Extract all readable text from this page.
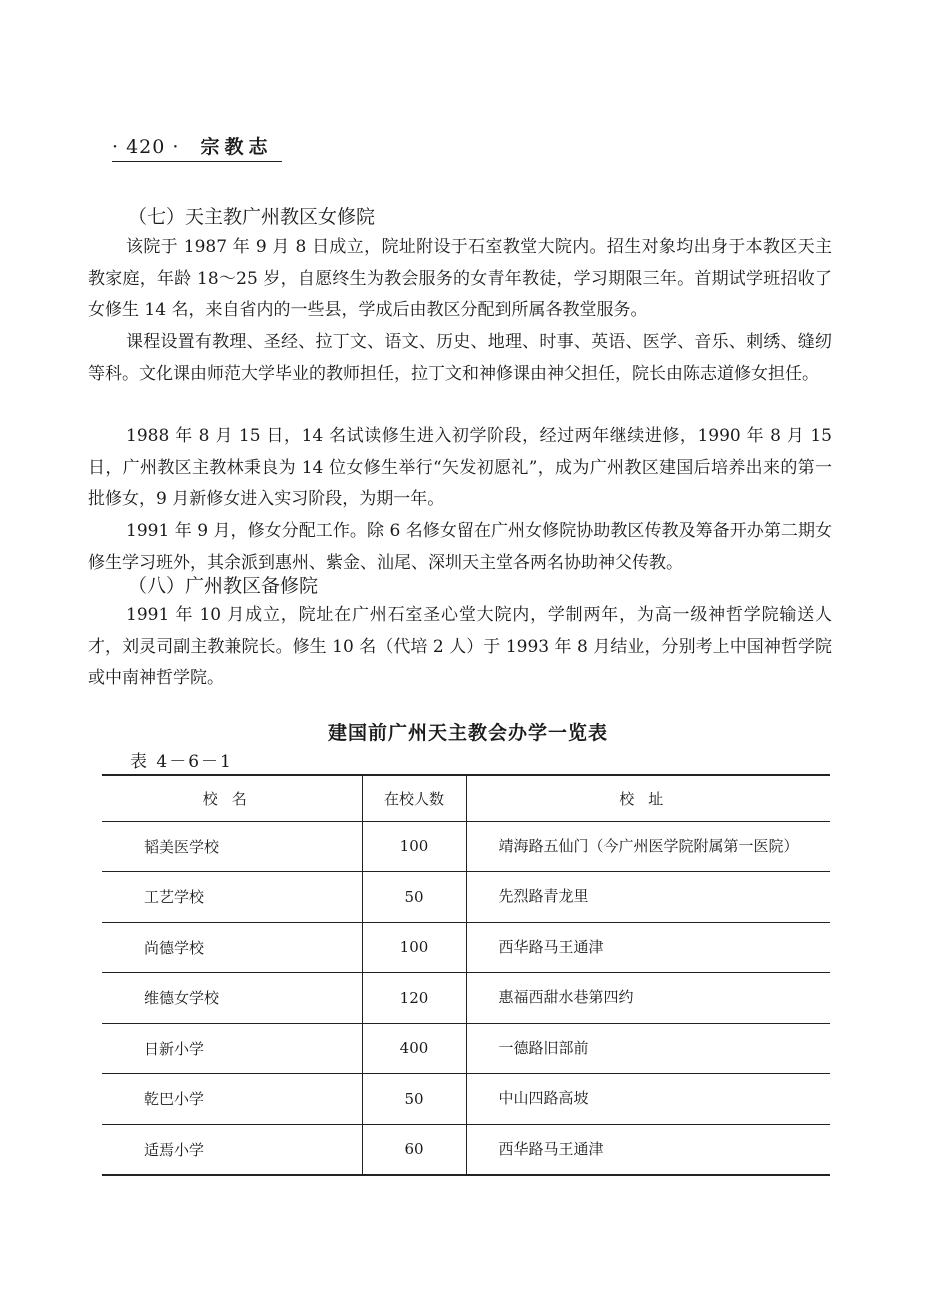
· 420 · 宗教志
（七）天主教广州教区女修院

该院于 1987 年 9 月 8 日成立，院址附设于石室教堂大院内。招生对象均出身于本教区天主教家庭，年龄 18～25 岁，自愿终生为教会服务的女青年教徒，学习期限三年。首期试学班招收了女修生 14 名，来自省内的一些县，学成后由教区分配到所属各教堂服务。

课程设置有教理、圣经、拉丁文、语文、历史、地理、时事、英语、医学、音乐、刺绣、缝纫等科。文化课由师范大学毕业的教师担任，拉丁文和神修课由神父担任，院长由陈志道修女担任。

1988 年 8 月 15 日，14 名试读修生进入初学阶段，经过两年继续进修，1990 年 8 月 15 日，广州教区主教林秉良为 14 位女修生举行“矢发初愿礼”，成为广州教区建国后培养出来的第一批修女，9 月新修女进入实习阶段，为期一年。

1991 年 9 月，修女分配工作。除 6 名修女留在广州女修院协助教区传教及筹备开办第二期女修生学习班外，其余派到惠州、紫金、汕尾、深圳天主堂各两名协助神父传教。

（八）广州教区备修院

1991 年 10 月成立，院址在广州石室圣心堂大院内，学制两年，为高一级神哲学院输送人才，刘灵司副主教兼院长。修生 10 名（代培 2 人）于 1993 年 8 月结业，分别考上中国神哲学院或中南神哲学院。

建国前广州天主教会办学一览表
表 4－6－1
校名	在校人数	校址
韬美医学校	100	靖海路五仙门（今广州医学院附属第一医院）
工艺学校	50	先烈路青龙里
尚德学校	100	西华路马王通津
维德女学校	120	惠福西甜水巷第四约
日新小学	400	一德路旧部前
乾巴小学	50	中山四路高坡
适焉小学	60	西华路马王通津
